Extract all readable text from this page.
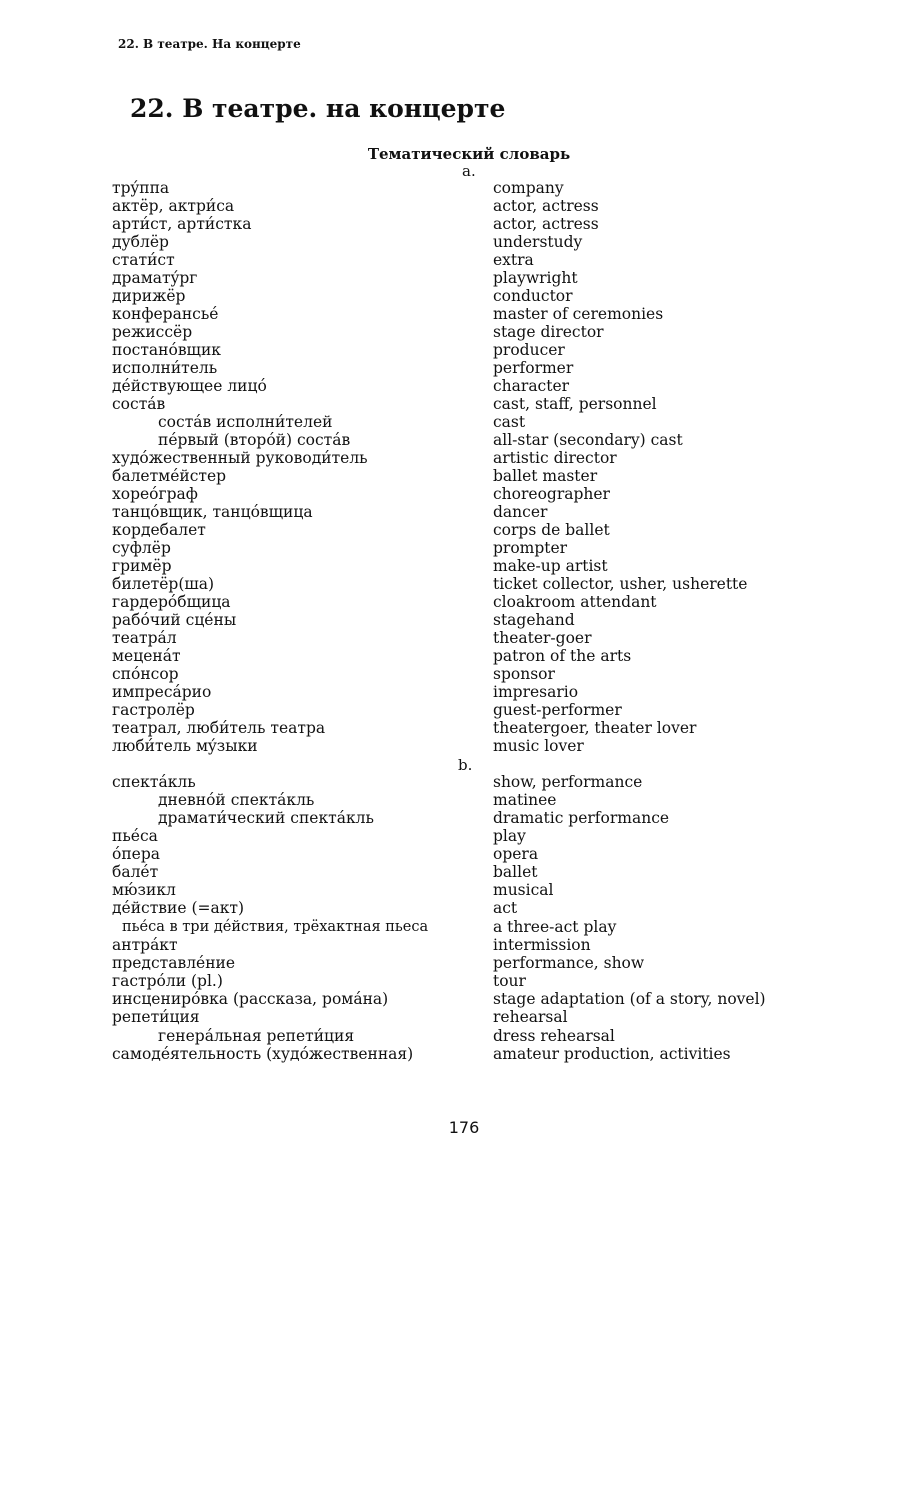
22. В театре. На концерте
22. В театре. на концерте
Тематический словарь
a.
b.
трýппа	company
актёр, актри́са	actor, actress
арти́ст, арти́стка	actor, actress
дублёр	understudy
стати́ст	extra
драматýрг	playwright
дирижёр	conductor
конферансье́	master of ceremonies
режиссёр	stage director
постанóвщик	producer
исполни́тель	performer
дéйствующее лицó	character
состáв	cast, staff, personnel
состáв исполни́телей	cast
пéрвый (вторóй) состáв	all-star (secondary) cast
худóжественный руководи́тель	artistic director
балетмéйстер	ballet master
хореóграф	choreographer
танцóвщик, танцóвщица	dancer
кордебалет	corps de ballet
суфлёр	prompter
гримёр	make-up artist
билетёр(ша)	ticket collector, usher, usherette
гардерóбщица	cloakroom attendant
рабóчий сцéны	stagehand
театрáл	theater-goer
меценáт	patron of the arts
спóнсор	sponsor
импресáрио	impresario
гастролёр	guest-performer
театрал, люби́тель театра	theatergoer, theater lover
люби́тель мýзыки	music lover
спектáкль	show, performance
дневнóй спектáкль	matinee
драмати́ческий спектáкль	dramatic performance
пье́са	play
óпера	opera
балéт	ballet
мю́зикл	musical
дéйствие (=акт)	act
пье́са в три дéйствия, трёхактная пьеса	a three-act play
антрáкт	intermission
представлéние	performance, show
гастрóли (pl.)	tour
инсцениро́вка (рассказа, ромáна)	stage adaptation (of a story, novel)
репети́ция	rehearsal
генерáльная репети́ция	dress rehearsal
самодéятельность (худóжественная)	amateur production, activities
176
